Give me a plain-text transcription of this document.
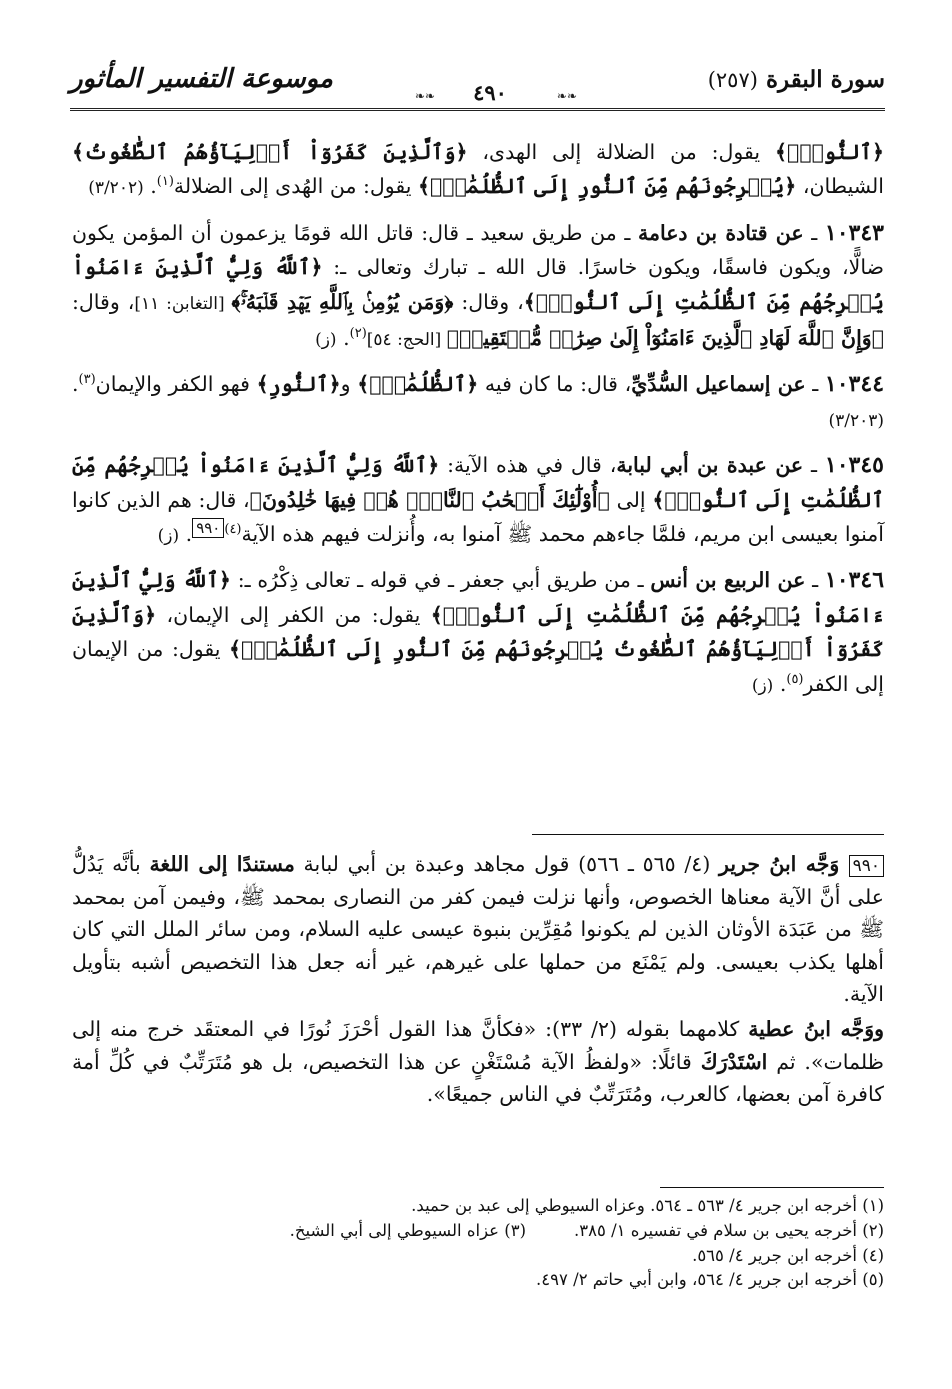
سورة البقرة (٢٥٧)
❧❧
٤٩٠
❧❧
موسوعة التفسير المأثور

﴿ٱلنُّورِۖ﴾ يقول: من الضلالة إلى الهدى، ﴿وَٱلَّذِينَ كَفَرُوٓاْ أَوۡلِيَآؤُهُمُ ٱلطَّٰغُوتُ﴾ الشيطان، ﴿يُخۡرِجُونَهُم مِّنَ ٱلنُّورِ إِلَى ٱلظُّلُمَٰتِۗ﴾ يقول: من الهُدى إلى الضلالة$^{(١)}$. (٣/٢٠٢)

١٠٣٤٣ ـ عن قتادة بن دعامة ـ من طريق سعيد ـ قال: قاتل الله قومًا يزعمون أن المؤمن يكون ضالًّا، ويكون فاسقًا، ويكون خاسرًا. قال الله ـ تبارك وتعالى ـ: ﴿ٱللَّهُ وَلِيُّ ٱلَّذِينَ ءَامَنُواْ يُخۡرِجُهُم مِّنَ ٱلظُّلُمَٰتِ إِلَى ٱلنُّورِۖ﴾، وقال: ﴿وَمَن يُؤۡمِنۢ بِٱللَّهِ يَهۡدِ قَلۡبَهُۥۚ﴾ [التغابن: ١١]، وقال: ﴿وَإِنَّ ٱللَّهَ لَهَادِ ٱلَّذِينَ ءَامَنُوٓاْ إِلَىٰ صِرَٰطٖ مُّسۡتَقِيمٖ﴾ [الحج: ٥٤]$^{(٢)}$. (ز)

١٠٣٤٤ ـ عن إسماعيل السُّدِّيِّ، قال: ما كان فيه ﴿ٱلظُّلُمَٰتِۗ﴾ و﴿ٱلنُّورِ﴾ فهو الكفر والإيمان$^{(٣)}$. (٣/٢٠٣)

١٠٣٤٥ ـ عن عبدة بن أبي لبابة، قال في هذه الآية: ﴿ٱللَّهُ وَلِيُّ ٱلَّذِينَ ءَامَنُواْ يُخۡرِجُهُم مِّنَ ٱلظُّلُمَٰتِ إِلَى ٱلنُّورِۖ﴾ إلى ﴿أُوْلَٰٓئِكَ أَصۡحَٰبُ ٱلنَّارِۖ هُمۡ فِيهَا خَٰلِدُونَ﴾، قال: هم الذين كانوا آمنوا بعيسى ابن مريم، فلمَّا جاءهم محمد ﷺ آمنوا به، وأُنزلت فيهم هذه الآية$^{(٤)}$٩٩٠. (ز)

١٠٣٤٦ ـ عن الربيع بن أنس ـ من طريق أبي جعفر ـ في قوله ـ تعالى ذِكْرُه ـ: ﴿ٱللَّهُ وَلِيُّ ٱلَّذِينَ ءَامَنُواْ يُخۡرِجُهُم مِّنَ ٱلظُّلُمَٰتِ إِلَى ٱلنُّورِۖ﴾ يقول: من الكفر إلى الإيمان، ﴿وَٱلَّذِينَ كَفَرُوٓاْ أَوۡلِيَآؤُهُمُ ٱلطَّٰغُوتُ يُخۡرِجُونَهُم مِّنَ ٱلنُّورِ إِلَى ٱلظُّلُمَٰتِۗ﴾ يقول: من الإيمان إلى الكفر$^{(٥)}$. (ز)

٩٩٠ وَجَّه ابنُ جرير (٤/ ٥٦٥ ـ ٥٦٦) قول مجاهد وعبدة بن أبي لبابة مستندًا إلى اللغة بأنَّه يَدُلُّ على أنَّ الآية معناها الخصوص، وأنها نزلت فيمن كفر من النصارى بمحمد ﷺ، وفيمن آمن بمحمد ﷺ من عَبَدَة الأوثان الذين لم يكونوا مُقِرِّين بنبوة عيسى عليه السلام، ومن سائر الملل التي كان أهلها يكذب بعيسى. ولم يَمْنَع من حملها على غيرهم، غير أنه جعل هذا التخصيص أشبه بتأويل الآية.

ووَجَّه ابنُ عطية كلامهما بقوله (٢/ ٣٣): «فكأنَّ هذا القول أحْرَزَ نُورًا في المعتقَد خرج منه إلى ظلمات». ثم اسْتَدْرَكَ قائلًا: «ولفظُ الآية مُسْتَغْنٍ عن هذا التخصيص، بل هو مُتَرَتِّبٌ في كُلِّ أمة كافرة آمن بعضها، كالعرب، ومُتَرَتِّبٌ في الناس جميعًا».

(١) أخرجه ابن جرير ٤/ ٥٦٣ ـ ٥٦٤. وعزاه السيوطي إلى عبد بن حميد.
(٢) أخرجه يحيى بن سلام في تفسيره ١/ ٣٨٥.(٣) عزاه السيوطي إلى أبي الشيخ.
(٤) أخرجه ابن جرير ٤/ ٥٦٥.
(٥) أخرجه ابن جرير ٤/ ٥٦٤، وابن أبي حاتم ٢/ ٤٩٧.
